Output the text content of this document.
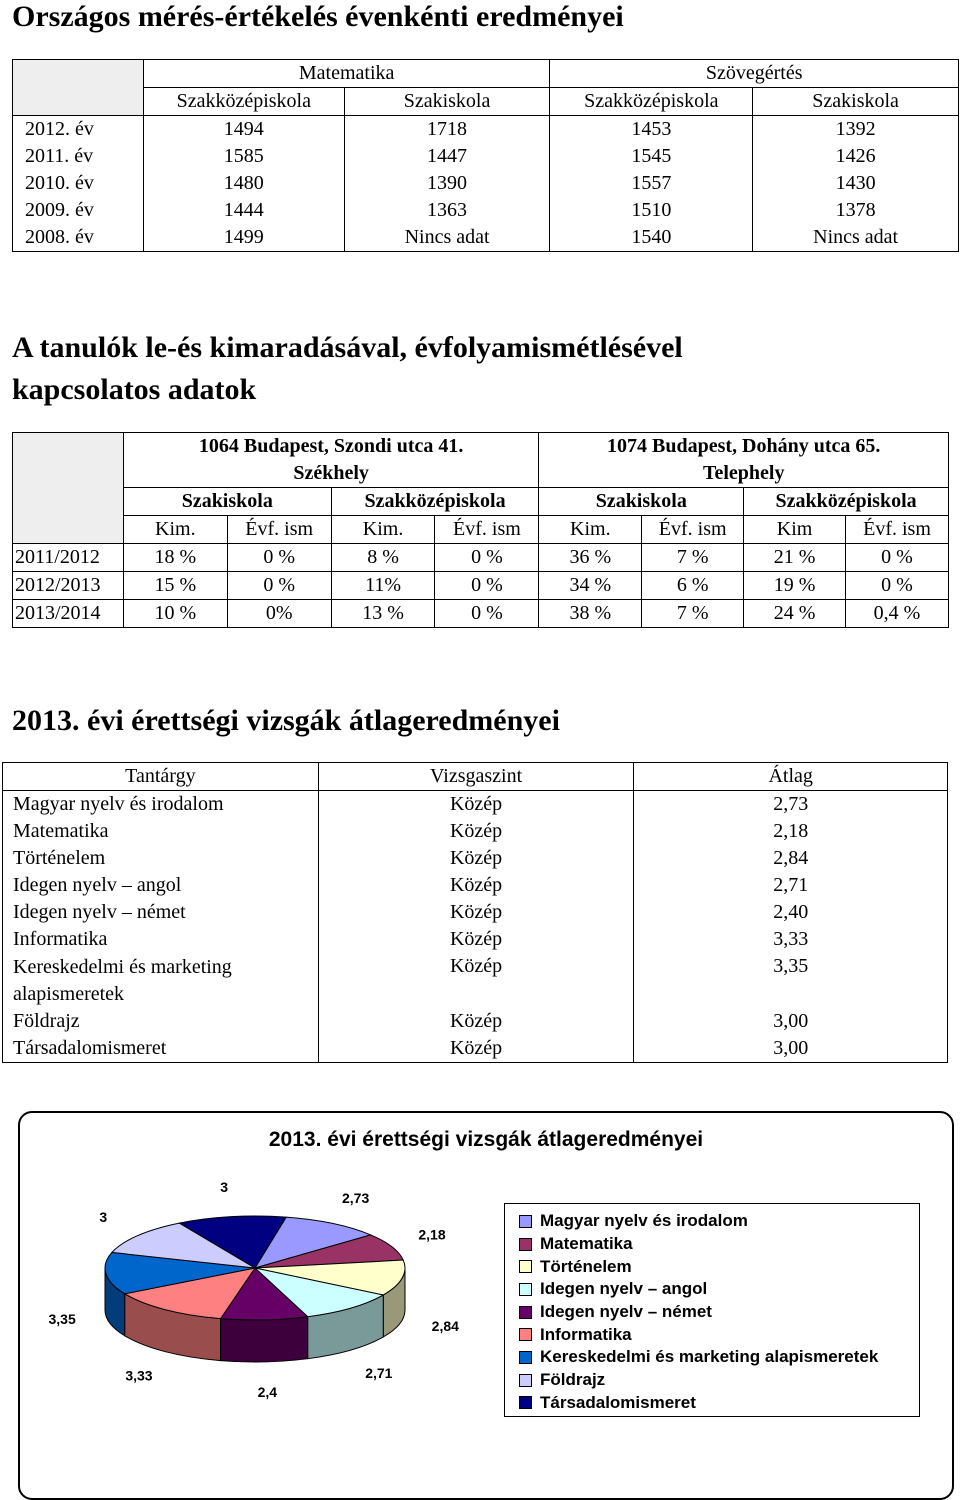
Országos mérés-értékelés évenkénti eredményei
	Matematika		Szövegértés	
	Szakközépiskola	Szakiskola	Szakközépiskola	Szakiskola
2012. év	1494	1718	1453	1392
2011. év	1585	1447	1545	1426
2010. év	1480	1390	1557	1430
2009. év	1444	1363	1510	1378
2008. év	1499	Nincs adat	1540	Nincs adat
A tanulók le-és kimaradásával, évfolyamismétlésével
kapcsolatos adatok
	1064 Budapest, Szondi utca 41.				1074 Budapest, Dohány utca 65.			
	Székhely				Telephely			
	Szakiskola		Szakközépiskola		Szakiskola		Szakközépiskola	
	Kim.	Évf. ism	Kim.	Évf. ism	Kim.	Évf. ism	Kim	Évf. ism
2011/2012	18 %	0 %	8 %	0 %	36 %	7 %	21 %	0 %
2012/2013	15 %	0 %	11%	0 %	34 %	6 %	19 %	0 %
2013/2014	10 %	0%	13 %	0 %	38 %	7 %	24 %	0,4 %
2013. évi érettségi vizsgák átlageredményei
Tantárgy	Vizsgaszint	Átlag
Magyar nyelv és irodalom	Közép	2,73
Matematika	Közép	2,18
Történelem	Közép	2,84
Idegen nyelv – angol	Közép	2,71
Idegen nyelv – német	Közép	2,40
Informatika	Közép	3,33
Kereskedelmi és marketing alapismeretek	Közép	3,35
Földrajz	Közép	3,00
Társadalomismeret	Közép	3,00
2013. évi érettségi vizsgák átlageredményei
2,73
2,18
2,84
2,71
2,4
3,33
3,35
3
3
Magyar nyelv és irodalom
Matematika
Történelem
Idegen nyelv – angol
Idegen nyelv – német
Informatika
Kereskedelmi és marketing alapismeretek
Földrajz
Társadalomismeret
